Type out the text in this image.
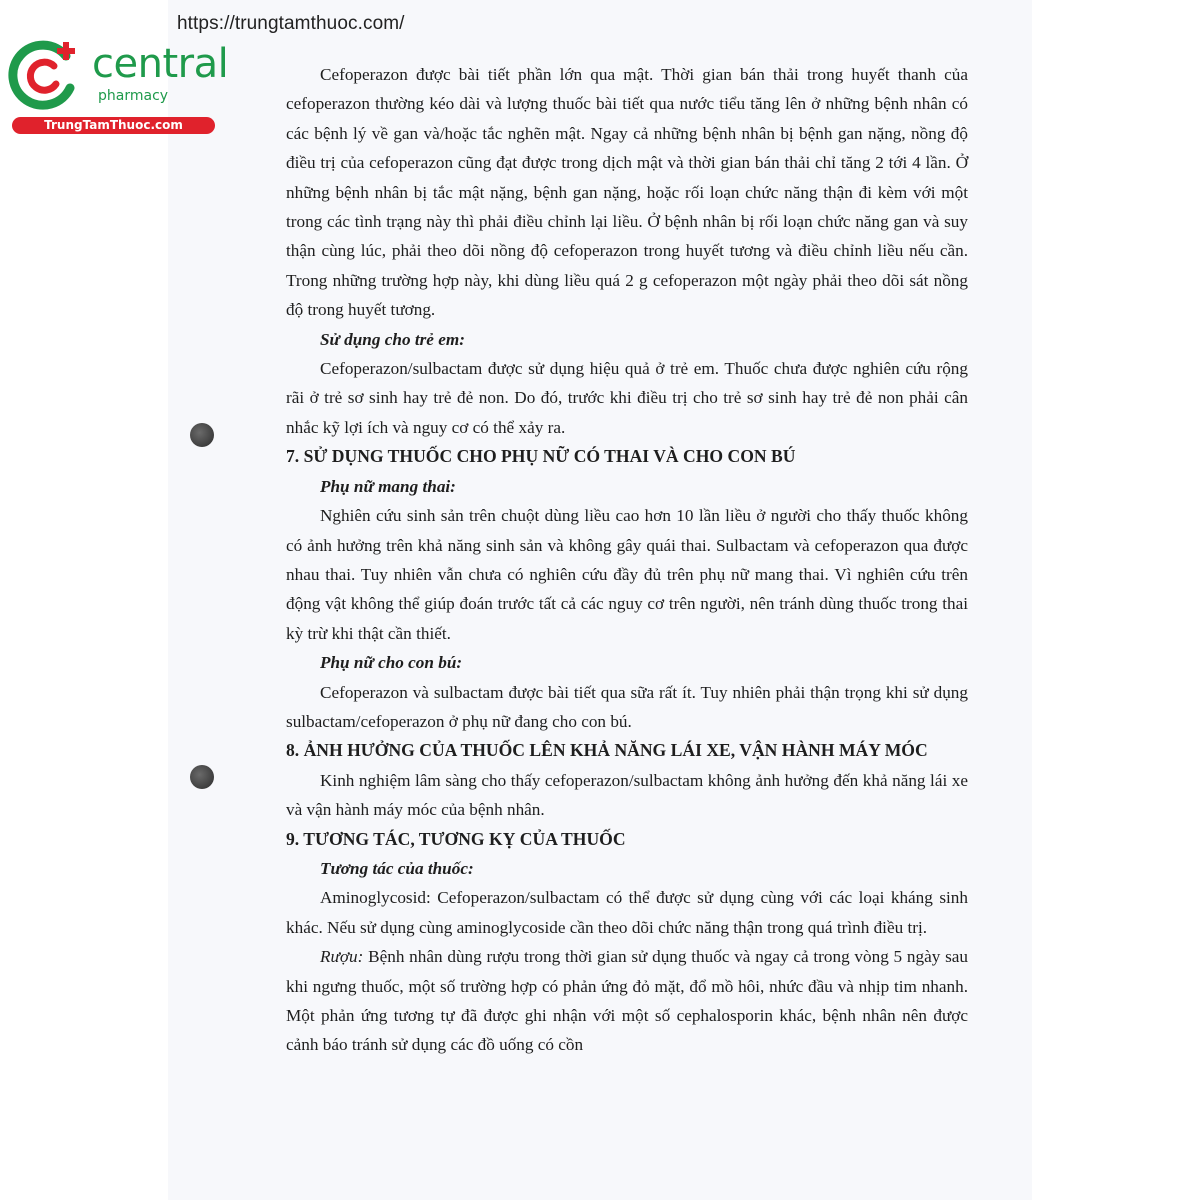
https://trungtamthuoc.com/
central
pharmacy
TrungTamThuoc.com

Cefoperazon được bài tiết phần lớn qua mật. Thời gian bán thải trong huyết thanh của cefoperazon thường kéo dài và lượng thuốc bài tiết qua nước tiểu tăng lên ở những bệnh nhân có các bệnh lý về gan và/hoặc tắc nghẽn mật. Ngay cả những bệnh nhân bị bệnh gan nặng, nồng độ điều trị của cefoperazon cũng đạt được trong dịch mật và thời gian bán thải chỉ tăng 2 tới 4 lần. Ở những bệnh nhân bị tắc mật nặng, bệnh gan nặng, hoặc rối loạn chức năng thận đi kèm với một trong các tình trạng này thì phải điều chỉnh lại liều. Ở bệnh nhân bị rối loạn chức năng gan và suy thận cùng lúc, phải theo dõi nồng độ cefoperazon trong huyết tương và điều chỉnh liều nếu cần. Trong những trường hợp này, khi dùng liều quá 2 g cefoperazon một ngày phải theo dõi sát nồng độ trong huyết tương.

Sử dụng cho trẻ em:

Cefoperazon/sulbactam được sử dụng hiệu quả ở trẻ em. Thuốc chưa được nghiên cứu rộng rãi ở trẻ sơ sinh hay trẻ đẻ non. Do đó, trước khi điều trị cho trẻ sơ sinh hay trẻ đẻ non phải cân nhắc kỹ lợi ích và nguy cơ có thể xảy ra.

7. SỬ DỤNG THUỐC CHO PHỤ NỮ CÓ THAI VÀ CHO CON BÚ

Phụ nữ mang thai:

Nghiên cứu sinh sản trên chuột dùng liều cao hơn 10 lần liều ở người cho thấy thuốc không có ảnh hưởng trên khả năng sinh sản và không gây quái thai. Sulbactam và cefoperazon qua được nhau thai. Tuy nhiên vẫn chưa có nghiên cứu đầy đủ trên phụ nữ mang thai. Vì nghiên cứu trên động vật không thể giúp đoán trước tất cả các nguy cơ trên người, nên tránh dùng thuốc trong thai kỳ trừ khi thật cần thiết.

Phụ nữ cho con bú:

Cefoperazon và sulbactam được bài tiết qua sữa rất ít. Tuy nhiên phải thận trọng khi sử dụng sulbactam/cefoperazon ở phụ nữ đang cho con bú.

8. ẢNH HƯỞNG CỦA THUỐC LÊN KHẢ NĂNG LÁI XE, VẬN HÀNH MÁY MÓC

Kinh nghiệm lâm sàng cho thấy cefoperazon/sulbactam không ảnh hưởng đến khả năng lái xe và vận hành máy móc của bệnh nhân.

9. TƯƠNG TÁC, TƯƠNG KỴ CỦA THUỐC

Tương tác của thuốc:

Aminoglycosid: Cefoperazon/sulbactam có thể được sử dụng cùng với các loại kháng sinh khác. Nếu sử dụng cùng aminoglycoside cần theo dõi chức năng thận trong quá trình điều trị.

Rượu: Bệnh nhân dùng rượu trong thời gian sử dụng thuốc và ngay cả trong vòng 5 ngày sau khi ngưng thuốc, một số trường hợp có phản ứng đỏ mặt, đổ mồ hôi, nhức đầu và nhịp tim nhanh. Một phản ứng tương tự đã được ghi nhận với một số cephalosporin khác, bệnh nhân nên được cảnh báo tránh sử dụng các đồ uống có cồn
